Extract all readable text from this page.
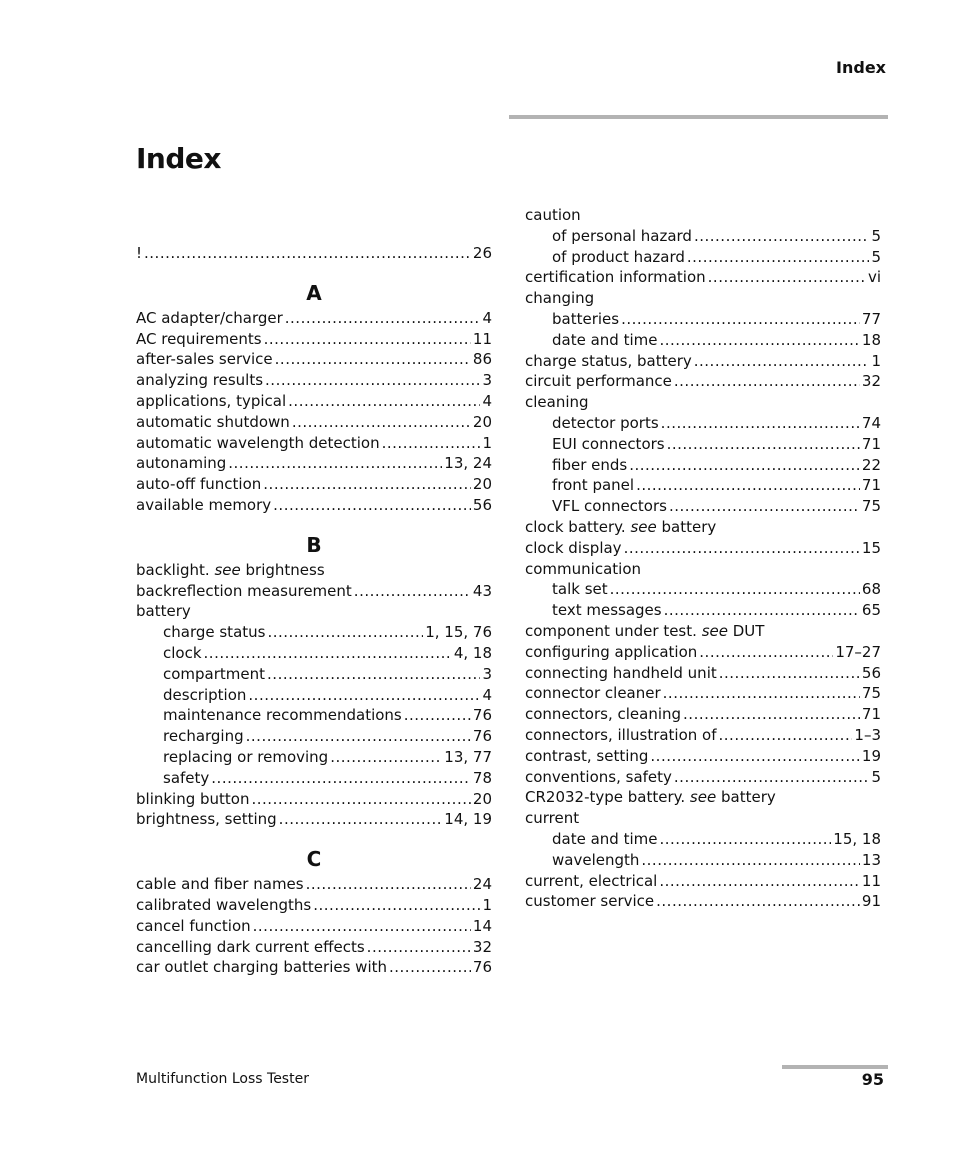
Index
Index
! .....	26
A
AC adapter/charger .....	4
AC requirements .....	11
after-sales service .....	86
analyzing results .....	3
applications, typical .....	4
automatic shutdown .....	20
automatic wavelength detection .....	1
autonaming .....	13, 24
auto-off function .....	20
available memory .....	56
B
backlight. see brightness
backreflection measurement .....	43
battery
charge status .....	1, 15, 76
clock .....	4, 18
compartment .....	3
description .....	4
maintenance recommendations .....	76
recharging .....	76
replacing or removing .....	13, 77
safety .....	78
blinking button .....	20
brightness, setting .....	14, 19
C
cable and fiber names .....	24
calibrated wavelengths .....	1
cancel function .....	14
cancelling dark current effects .....	32
car outlet charging batteries with .....	76
caution
of personal hazard .....	5
of product hazard .....	5
certification information .....	vi
changing
batteries .....	77
date and time .....	18
charge status, battery .....	1
circuit performance .....	32
cleaning
detector ports .....	74
EUI connectors .....	71
fiber ends .....	22
front panel .....	71
VFL connectors .....	75
clock battery. see battery
clock display .....	15
communication
talk set .....	68
text messages .....	65
component under test. see DUT
configuring application .....	17–27
connecting handheld unit .....	56
connector cleaner .....	75
connectors, cleaning .....	71
connectors, illustration of .....	1–3
contrast, setting .....	19
conventions, safety .....	5
CR2032-type battery. see battery
current
date and time .....	15, 18
wavelength .....	13
current, electrical .....	11
customer service .....	91
Multifunction Loss Tester	95
